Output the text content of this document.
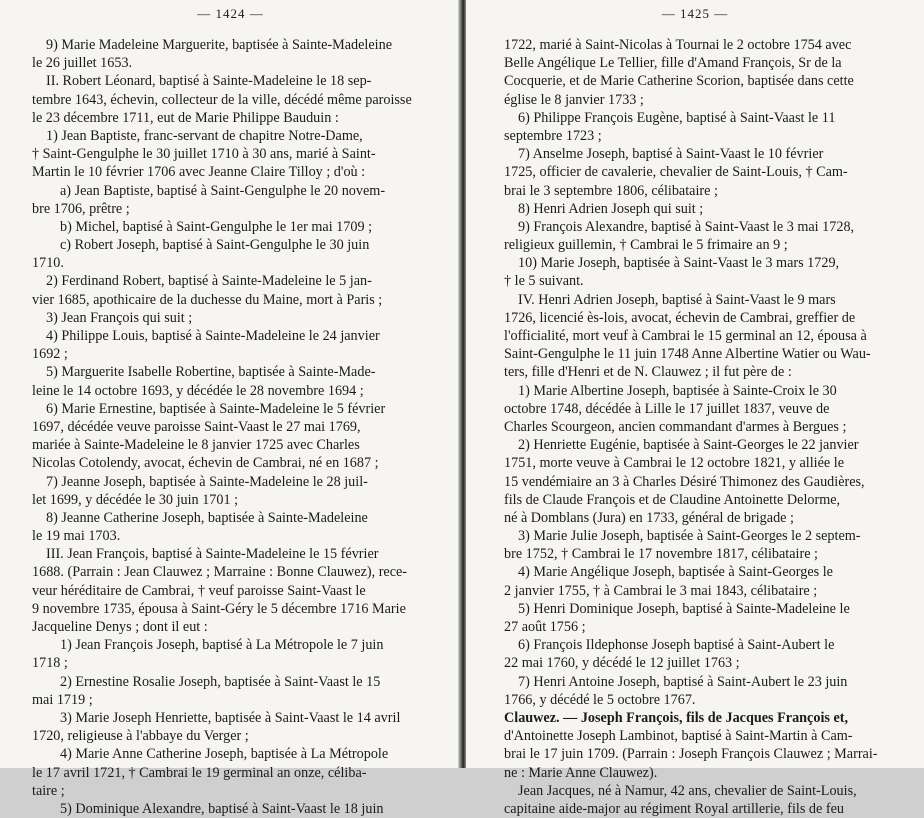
— 1424 —
9) Marie Madeleine Marguerite, baptisée à Sainte-Madeleine
le 26 juillet 1653.
II. Robert Léonard, baptisé à Sainte-Madeleine le 18 sep-
tembre 1643, échevin, collecteur de la ville, décédé même paroisse
le 23 décembre 1711, eut de Marie Philippe Bauduin :
1) Jean Baptiste, franc-servant de chapitre Notre-Dame,
† Saint-Gengulphe le 30 juillet 1710 à 30 ans, marié à Saint-
Martin le 10 février 1706 avec Jeanne Claire Tilloy ; d'où :
a) Jean Baptiste, baptisé à Saint-Gengulphe le 20 novem-
bre 1706, prêtre ;
b) Michel, baptisé à Saint-Gengulphe le 1er mai 1709 ;
c) Robert Joseph, baptisé à Saint-Gengulphe le 30 juin
1710.
2) Ferdinand Robert, baptisé à Sainte-Madeleine le 5 jan-
vier 1685, apothicaire de la duchesse du Maine, mort à Paris ;
3) Jean François qui suit ;
4) Philippe Louis, baptisé à Sainte-Madeleine le 24 janvier
1692 ;
5) Marguerite Isabelle Robertine, baptisée à Sainte-Made-
leine le 14 octobre 1693, y décédée le 28 novembre 1694 ;
6) Marie Ernestine, baptisée à Sainte-Madeleine le 5 février
1697, décédée veuve paroisse Saint-Vaast le 27 mai 1769,
mariée à Sainte-Madeleine le 8 janvier 1725 avec Charles
Nicolas Cotolendy, avocat, échevin de Cambrai, né en 1687 ;
7) Jeanne Joseph, baptisée à Sainte-Madeleine le 28 juil-
let 1699, y décédée le 30 juin 1701 ;
8) Jeanne Catherine Joseph, baptisée à Sainte-Madeleine
le 19 mai 1703.
III. Jean François, baptisé à Sainte-Madeleine le 15 février
1688. (Parrain : Jean Clauwez ; Marraine : Bonne Clauwez), rece-
veur héréditaire de Cambrai, † veuf paroisse Saint-Vaast le
9 novembre 1735, épousa à Saint-Géry le 5 décembre 1716 Marie
Jacqueline Denys ; dont il eut :
1) Jean François Joseph, baptisé à La Métropole le 7 juin
1718 ;
2) Ernestine Rosalie Joseph, baptisée à Saint-Vaast le 15
mai 1719 ;
3) Marie Joseph Henriette, baptisée à Saint-Vaast le 14 avril
1720, religieuse à l'abbaye du Verger ;
4) Marie Anne Catherine Joseph, baptisée à La Métropole
le 17 avril 1721, † Cambrai le 19 germinal an onze, céliba-
taire ;
5) Dominique Alexandre, baptisé à Saint-Vaast le 18 juin
— 1425 —
1722, marié à Saint-Nicolas à Tournai le 2 octobre 1754 avec
Belle Angélique Le Tellier, fille d'Amand François, Sr de la
Cocquerie, et de Marie Catherine Scorion, baptisée dans cette
église le 8 janvier 1733 ;
6) Philippe François Eugène, baptisé à Saint-Vaast le 11
septembre 1723 ;
7) Anselme Joseph, baptisé à Saint-Vaast le 10 février
1725, officier de cavalerie, chevalier de Saint-Louis, † Cam-
brai le 3 septembre 1806, célibataire ;
8) Henri Adrien Joseph qui suit ;
9) François Alexandre, baptisé à Saint-Vaast le 3 mai 1728,
religieux guillemin, † Cambrai le 5 frimaire an 9 ;
10) Marie Joseph, baptisée à Saint-Vaast le 3 mars 1729,
† le 5 suivant.
IV. Henri Adrien Joseph, baptisé à Saint-Vaast le 9 mars
1726, licencié ès-lois, avocat, échevin de Cambrai, greffier de
l'officialité, mort veuf à Cambrai le 15 germinal an 12, épousa à
Saint-Gengulphe le 11 juin 1748 Anne Albertine Watier ou Wau-
ters, fille d'Henri et de N. Clauwez ; il fut père de :
1) Marie Albertine Joseph, baptisée à Sainte-Croix le 30
octobre 1748, décédée à Lille le 17 juillet 1837, veuve de
Charles Scourgeon, ancien commandant d'armes à Bergues ;
2) Henriette Eugénie, baptisée à Saint-Georges le 22 janvier
1751, morte veuve à Cambrai le 12 octobre 1821, y alliée le
15 vendémiaire an 3 à Charles Désiré Thimonez des Gaudières,
fils de Claude François et de Claudine Antoinette Delorme,
né à Domblans (Jura) en 1733, général de brigade ;
3) Marie Julie Joseph, baptisée à Saint-Georges le 2 septem-
bre 1752, † Cambrai le 17 novembre 1817, célibataire ;
4) Marie Angélique Joseph, baptisée à Saint-Georges le
2 janvier 1755, † à Cambrai le 3 mai 1843, célibataire ;
5) Henri Dominique Joseph, baptisé à Sainte-Madeleine le
27 août 1756 ;
6) François Ildephonse Joseph baptisé à Saint-Aubert le
22 mai 1760, y décédé le 12 juillet 1763 ;
7) Henri Antoine Joseph, baptisé à Saint-Aubert le 23 juin
1766, y décédé le 5 octobre 1767.
Clauwez. — Joseph François, fils de Jacques François et,
d'Antoinette Joseph Lambinot, baptisé à Saint-Martin à Cam-
brai le 17 juin 1709. (Parrain : Joseph François Clauwez ; Marrai-
ne : Marie Anne Clauwez).
Jean Jacques, né à Namur, 42 ans, chevalier de Saint-Louis,
capitaine aide-major au régiment Royal artillerie, fils de feu
